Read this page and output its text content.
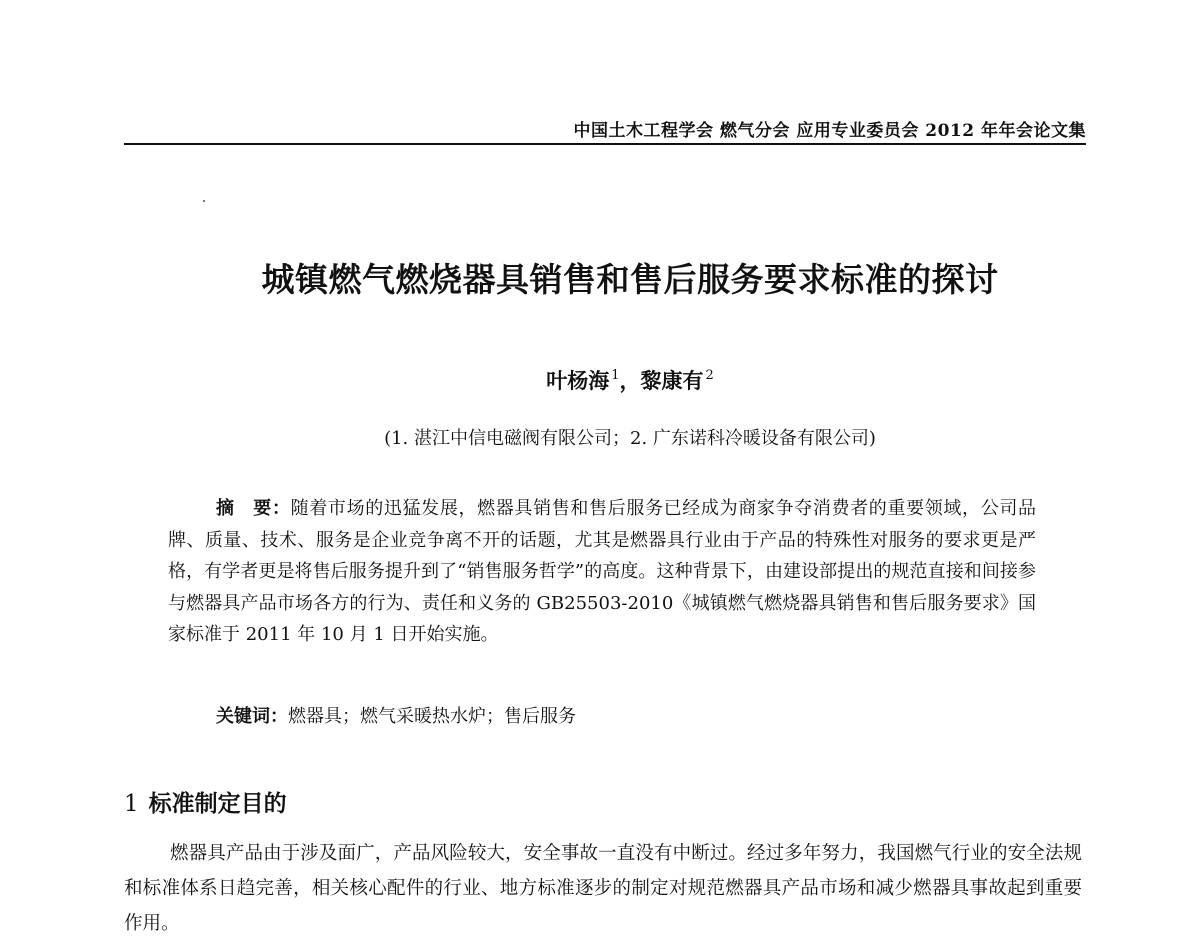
中国土木工程学会 燃气分会 应用专业委员会 2012 年年会论文集
城镇燃气燃烧器具销售和售后服务要求标准的探讨
叶杨海 $^1$，黎康有 $^2$
(1. 湛江中信电磁阀有限公司；2. 广东诺科冷暖设备有限公司)
摘　要：随着市场的迅猛发展，燃器具销售和售后服务已经成为商家争夺消费者的重要领域，公司品牌、质量、技术、服务是企业竞争离不开的话题，尤其是燃器具行业由于产品的特殊性对服务的要求更是严格，有学者更是将售后服务提升到了“销售服务哲学”的高度。这种背景下，由建设部提出的规范直接和间接参与燃器具产品市场各方的行为、责任和义务的 GB25503-2010《城镇燃气燃烧器具销售和售后服务要求》国家标准于 2011 年 10 月 1 日开始实施。
关键词：燃器具；燃气采暖热水炉；售后服务
1 标准制定目的
燃器具产品由于涉及面广，产品风险较大，安全事故一直没有中断过。经过多年努力，我国燃气行业的安全法规和标准体系日趋完善，相关核心配件的行业、地方标准逐步的制定对规范燃器具产品市场和减少燃器具事故起到重要作用。
